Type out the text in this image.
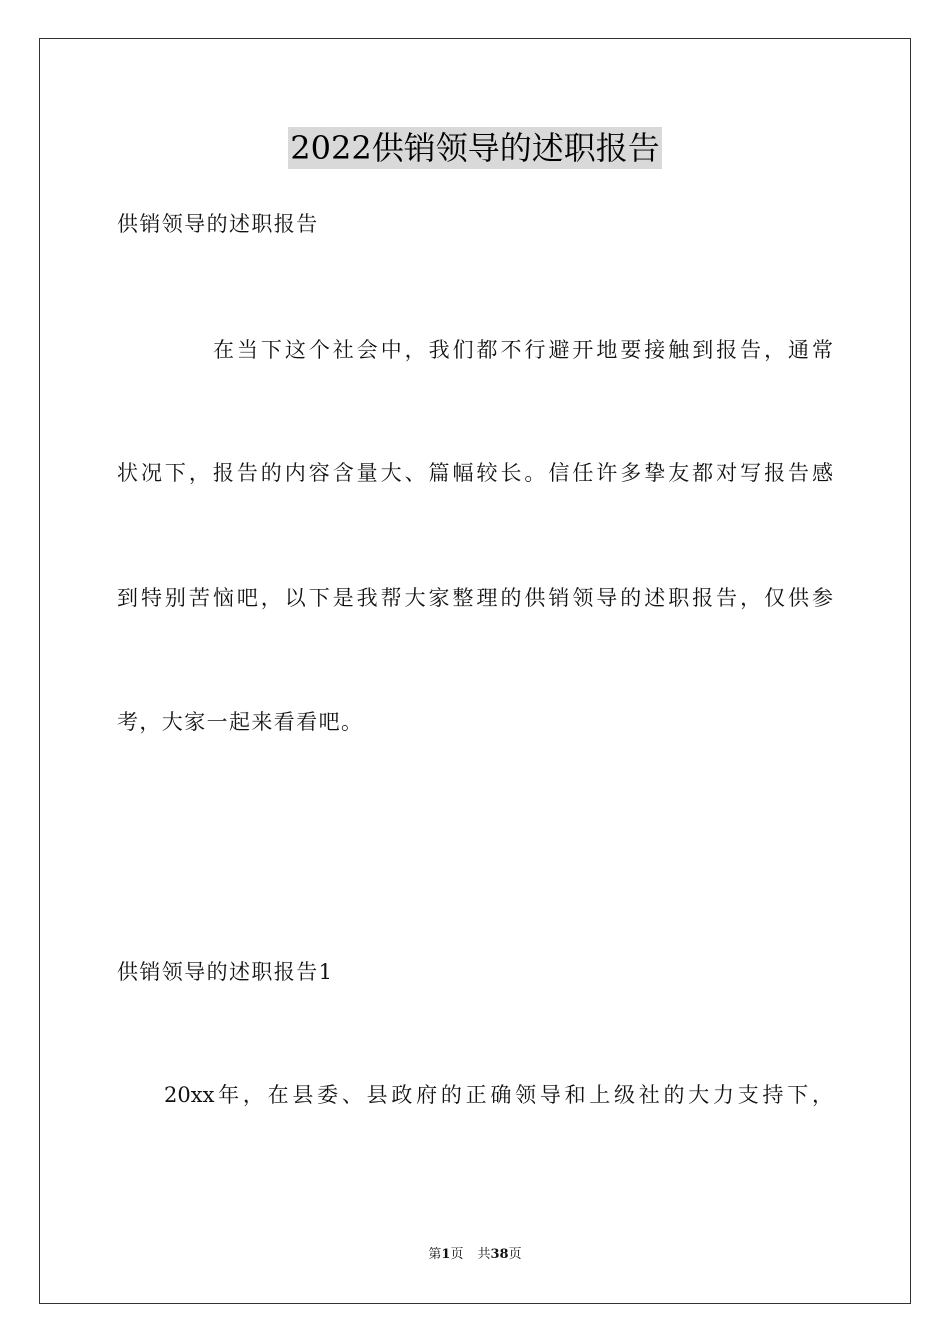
2022供销领导的述职报告
供销领导的述职报告
在当下这个社会中，我们都不行避开地要接触到报告，通常
状况下，报告的内容含量大、篇幅较长。信任许多挚友都对写报告感
到特别苦恼吧，以下是我帮大家整理的供销领导的述职报告，仅供参
考，大家一起来看看吧。
供销领导的述职报告1
20xx年，在县委、县政府的正确领导和上级社的大力支持下，
第1页 共38页
